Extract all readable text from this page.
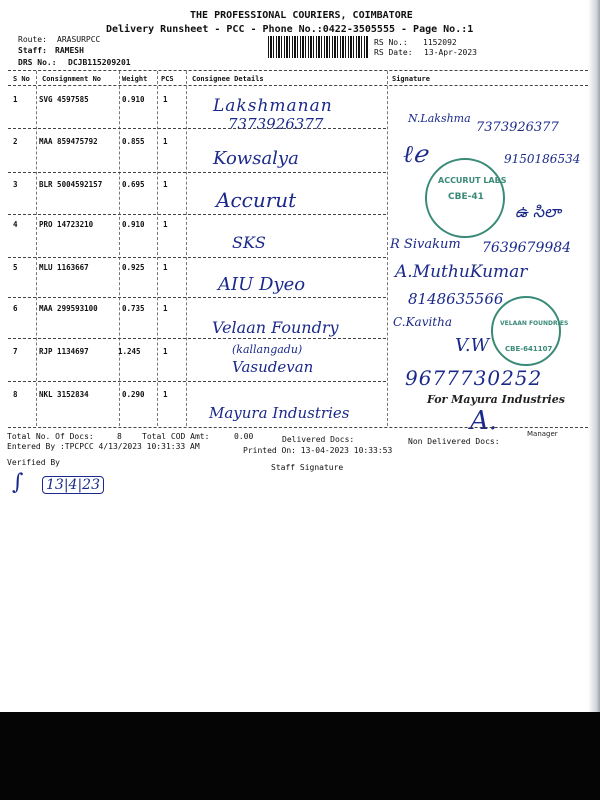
THE PROFESSIONAL COURIERS, COIMBATORE
Delivery Runsheet - PCC - Phone No.:0422-3505555 - Page No.:1
Route: ARASURPCC
Staff: RAMESH
DRS No.: DCJB115209201
RS No.: 1152092
RS Date: 13-Apr-2023
S No Consignment No	Weight PCS	Consignee Details	Signature
1	SVG 4597585	0.910 1	Lakshmanan
7373926377	N.Lakshma
7373926377
2	MAA 859475792	0.855 1
Kowsalya	ℓℯ	9150186534
3	BLR 5004592157	0.695 1
Accurut
ACCURUT LABS
CBE-41
ఉ సిలా
4	PRO 14723210	0.910 1
SKS	R Sivakum 7639679984
5	MLU 1163667	0.925 1
AIU Dyeo
A.MuthuKumar
8148635566
6	MAA 299593100	0.735 1
Velaan Foundry
(kallangadu)
C.Kavitha	VELAAN FOUNDRIES
CBE-641107
7	RJP 1134697	1.245	1
Vasudevan
V.W
9677730252
8	NKL 3152834	0.290 1
Mayura Industries
For Mayura Industries
A.	Manager
Total No. Of Docs:	8	Total COD Amt:	0.00	Delivered Docs:	Non Delivered Docs:
Entered By :TPCPCC 4/13/2023 10:31:33 AM	Printed On: 13-04-2023 10:33:53
Verified By
Staff Signature
13|4|23
∫
